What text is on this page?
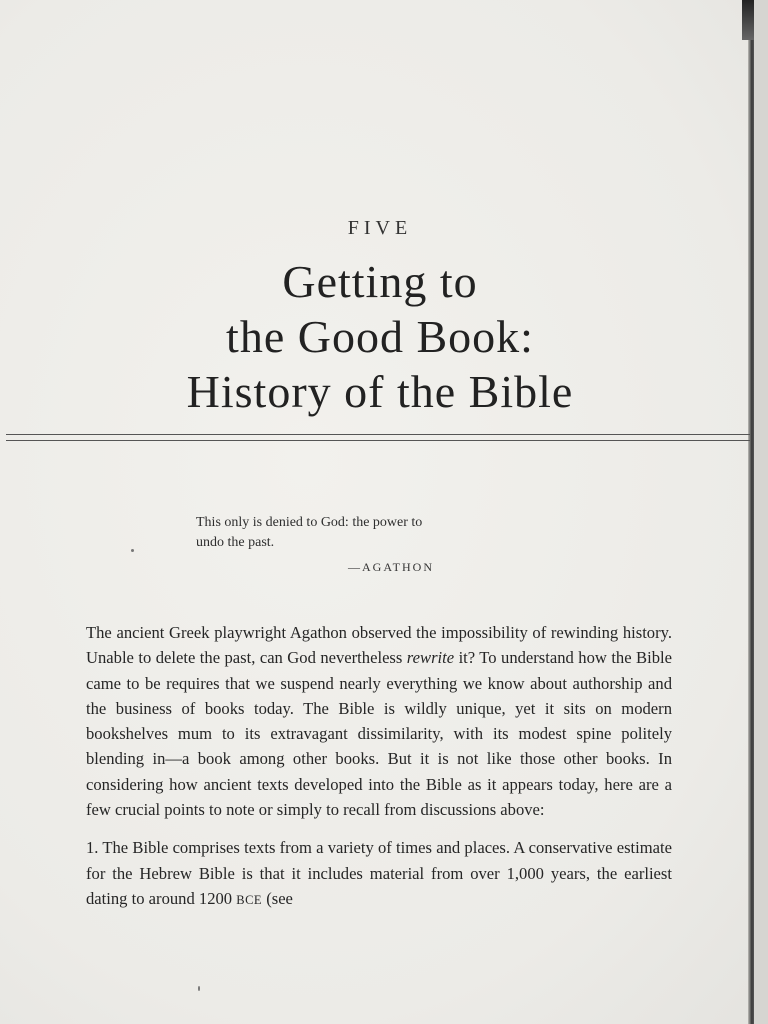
FIVE
Getting to
the Good Book:
History of the Bible
This only is denied to God: the power to
undo the past.
—AGATHON

The ancient Greek playwright Agathon observed the impossibility of rewinding history. Unable to delete the past, can God nevertheless rewrite it? To understand how the Bible came to be requires that we suspend nearly everything we know about authorship and the business of books today. The Bible is wildly unique, yet it sits on modern bookshelves mum to its extravagant dissimilarity, with its modest spine politely blending in—a book among other books. But it is not like those other books. In considering how ancient texts developed into the Bible as it appears today, here are a few crucial points to note or simply to recall from discussions above:

1. The Bible comprises texts from a variety of times and places. A conservative estimate for the Hebrew Bible is that it includes material from over 1,000 years, the earliest dating to around 1200 BCE (see
